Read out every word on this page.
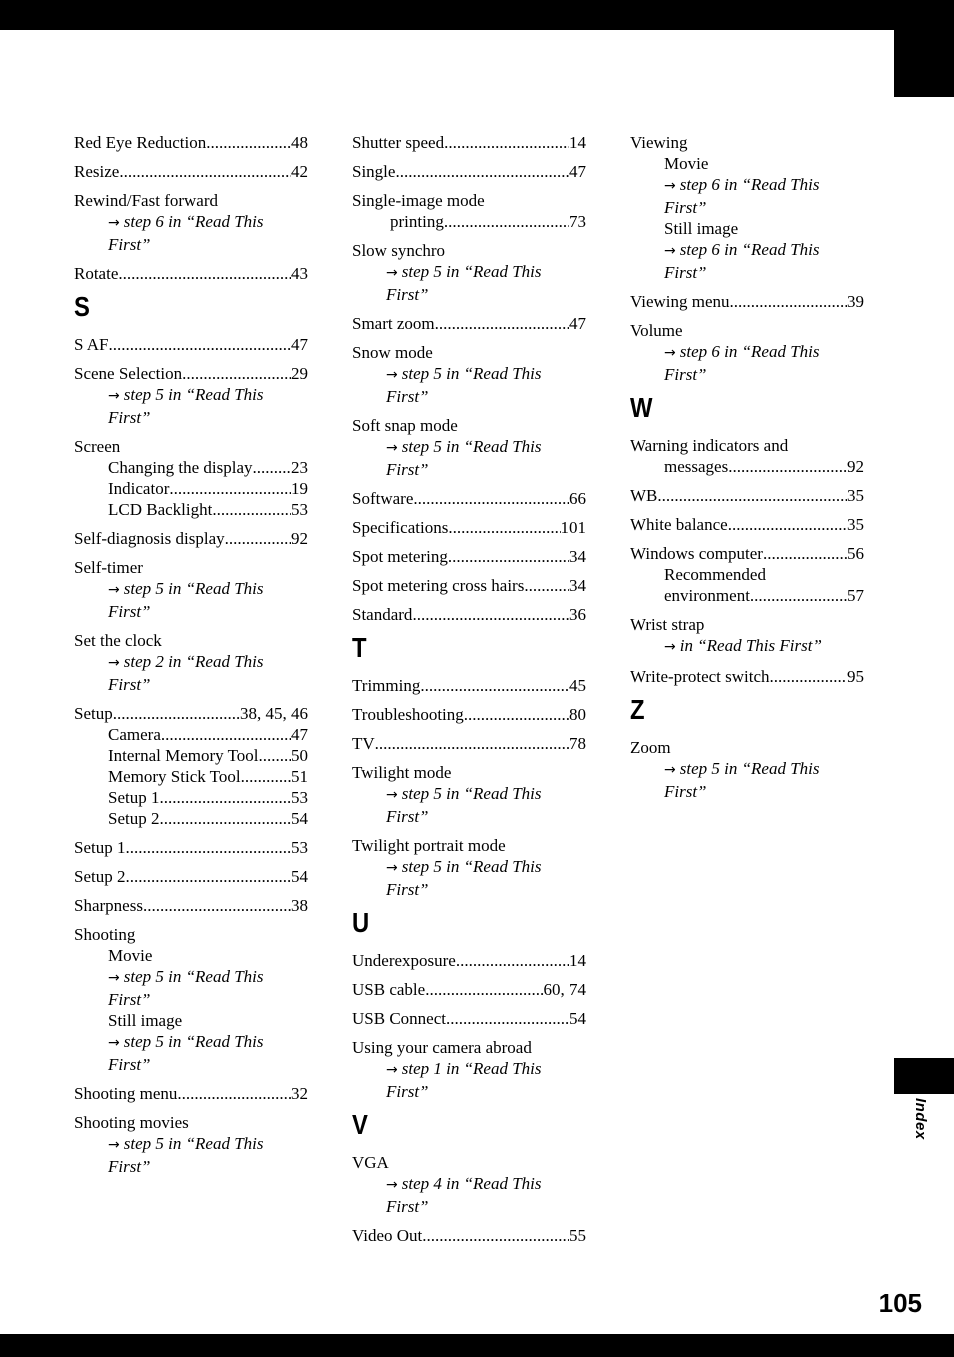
Index
105
Red Eye Reduction .....	48
Resize .....	42
Rewind/Fast forward
→ step 6 in “Read This
First”
Rotate .....	43
S
S AF .....	47
Scene Selection .....	29
→ step 5 in “Read This
First”
Screen
Changing the display ..... 23
Indicator .....	19
LCD Backlight .....	53
Self-diagnosis display .....	92
Self-timer
→ step 5 in “Read This
First”
Set the clock
→ step 2 in “Read This
First”
Setup .....	38, 45, 46
Camera .....	47
Internal Memory Tool ..... 50
Memory Stick Tool .....	51
Setup 1 .....	53
Setup 2 .....	54
Setup 1 .....	53
Setup 2 .....	54
Sharpness .....	38
Shooting
Movie
→ step 5 in “Read This
First”
Still image
→ step 5 in “Read This
First”
Shooting menu .....	32
Shooting movies
→ step 5 in “Read This
First”
Shutter speed .....	14
Single .....	47
Single-image mode
printing .....	73
Slow synchro
→ step 5 in “Read This
First”
Smart zoom .....	47
Snow mode
→ step 5 in “Read This
First”
Soft snap mode
→ step 5 in “Read This
First”
Software .....	66
Specifications .....	101
Spot metering .....	34
Spot metering cross hairs .....	34
Standard .....	36
T
Trimming .....	45
Troubleshooting .....	80
TV .....	78
Twilight mode
→ step 5 in “Read This
First”
Twilight portrait mode
→ step 5 in “Read This
First”
U
Underexposure .....	14
USB cable .....	60, 74
USB Connect .....	54
Using your camera abroad
→ step 1 in “Read This
First”
V
VGA
→ step 4 in “Read This
First”
Video Out .....	55
Viewing
Movie
→ step 6 in “Read This
First”
Still image
→ step 6 in “Read This
First”
Viewing menu .....	39
Volume
→ step 6 in “Read This
First”
W
Warning indicators and
messages .....	92
WB .....	35
White balance .....	35
Windows computer .....	56
Recommended
environment .....	57
Wrist strap
→ in “Read This First”
Write-protect switch .....	95
Z
Zoom
→ step 5 in “Read This
First”
